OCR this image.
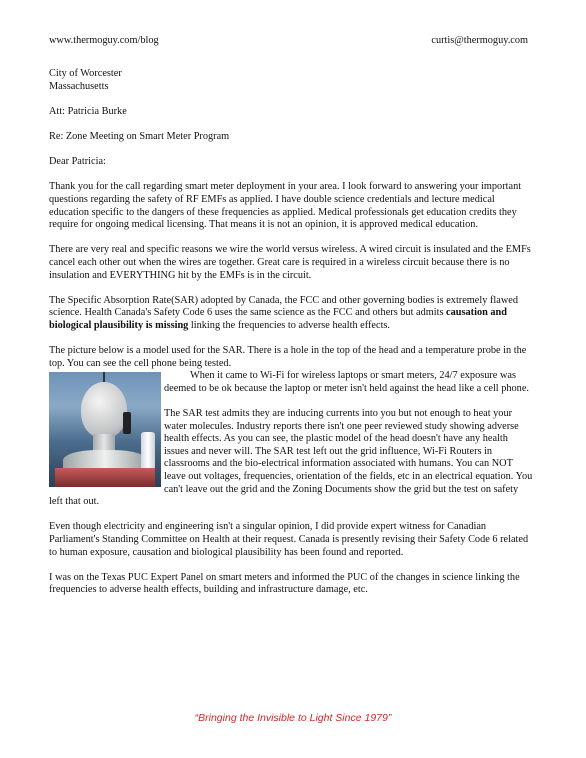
www.thermoguy.com/blog	curtis@thermoguy.com

City of Worcester

Massachusetts

Att: Patricia Burke

Re: Zone Meeting on Smart Meter Program

Dear Patricia:

Thank you for the call regarding smart meter deployment in your area. I look forward to answering your important questions regarding the safety of RF EMFs as applied. I have double science credentials and lecture medical education specific to the dangers of these frequencies as applied. Medical professionals get education credits they require for ongoing medical licensing. That means it is not an opinion, it is approved medical education.

There are very real and specific reasons we wire the world versus wireless. A wired circuit is insulated and the EMFs cancel each other out when the wires are together. Great care is required in a wireless circuit because there is no insulation and EVERYTHING hit by the EMFs is in the circuit.

The Specific Absorption Rate(SAR) adopted by Canada, the FCC and other governing bodies is extremely flawed science. Health Canada's Safety Code 6 uses the same science as the FCC and others but admits causation and biological plausibility is missing linking the frequencies to adverse health effects.

The picture below is a model used for the SAR. There is a hole in the top of the head and a temperature probe in the top. You can see the cell phone being tested.

When it came to Wi-Fi for wireless laptops or smart meters, 24/7 exposure was deemed to be ok because the laptop or meter isn't held against the head like a cell phone.

The SAR test admits they are inducing currents into you but not enough to heat your water molecules. Industry reports there isn't one peer reviewed study showing adverse health effects. As you can see, the plastic model of the head doesn't have any health issues and never will. The SAR test left out the grid influence, Wi-Fi Routers in classrooms and the bio-electrical information associated with humans. You can NOT leave out voltages, frequencies, orientation of the fields, etc in an electrical equation. You can't leave out the grid and the Zoning Documents show the grid but the test on safety left that out.

Even though electricity and engineering isn't a singular opinion, I did provide expert witness for Canadian Parliament's Standing Committee on Health at their request. Canada is presently revising their Safety Code 6 related to human exposure, causation and biological plausibility has been found and reported.

I was on the Texas PUC Expert Panel on smart meters and informed the PUC of the changes in science linking the frequencies to adverse health effects, building and infrastructure damage, etc.

“Bringing the Invisible to Light Since 1979”
